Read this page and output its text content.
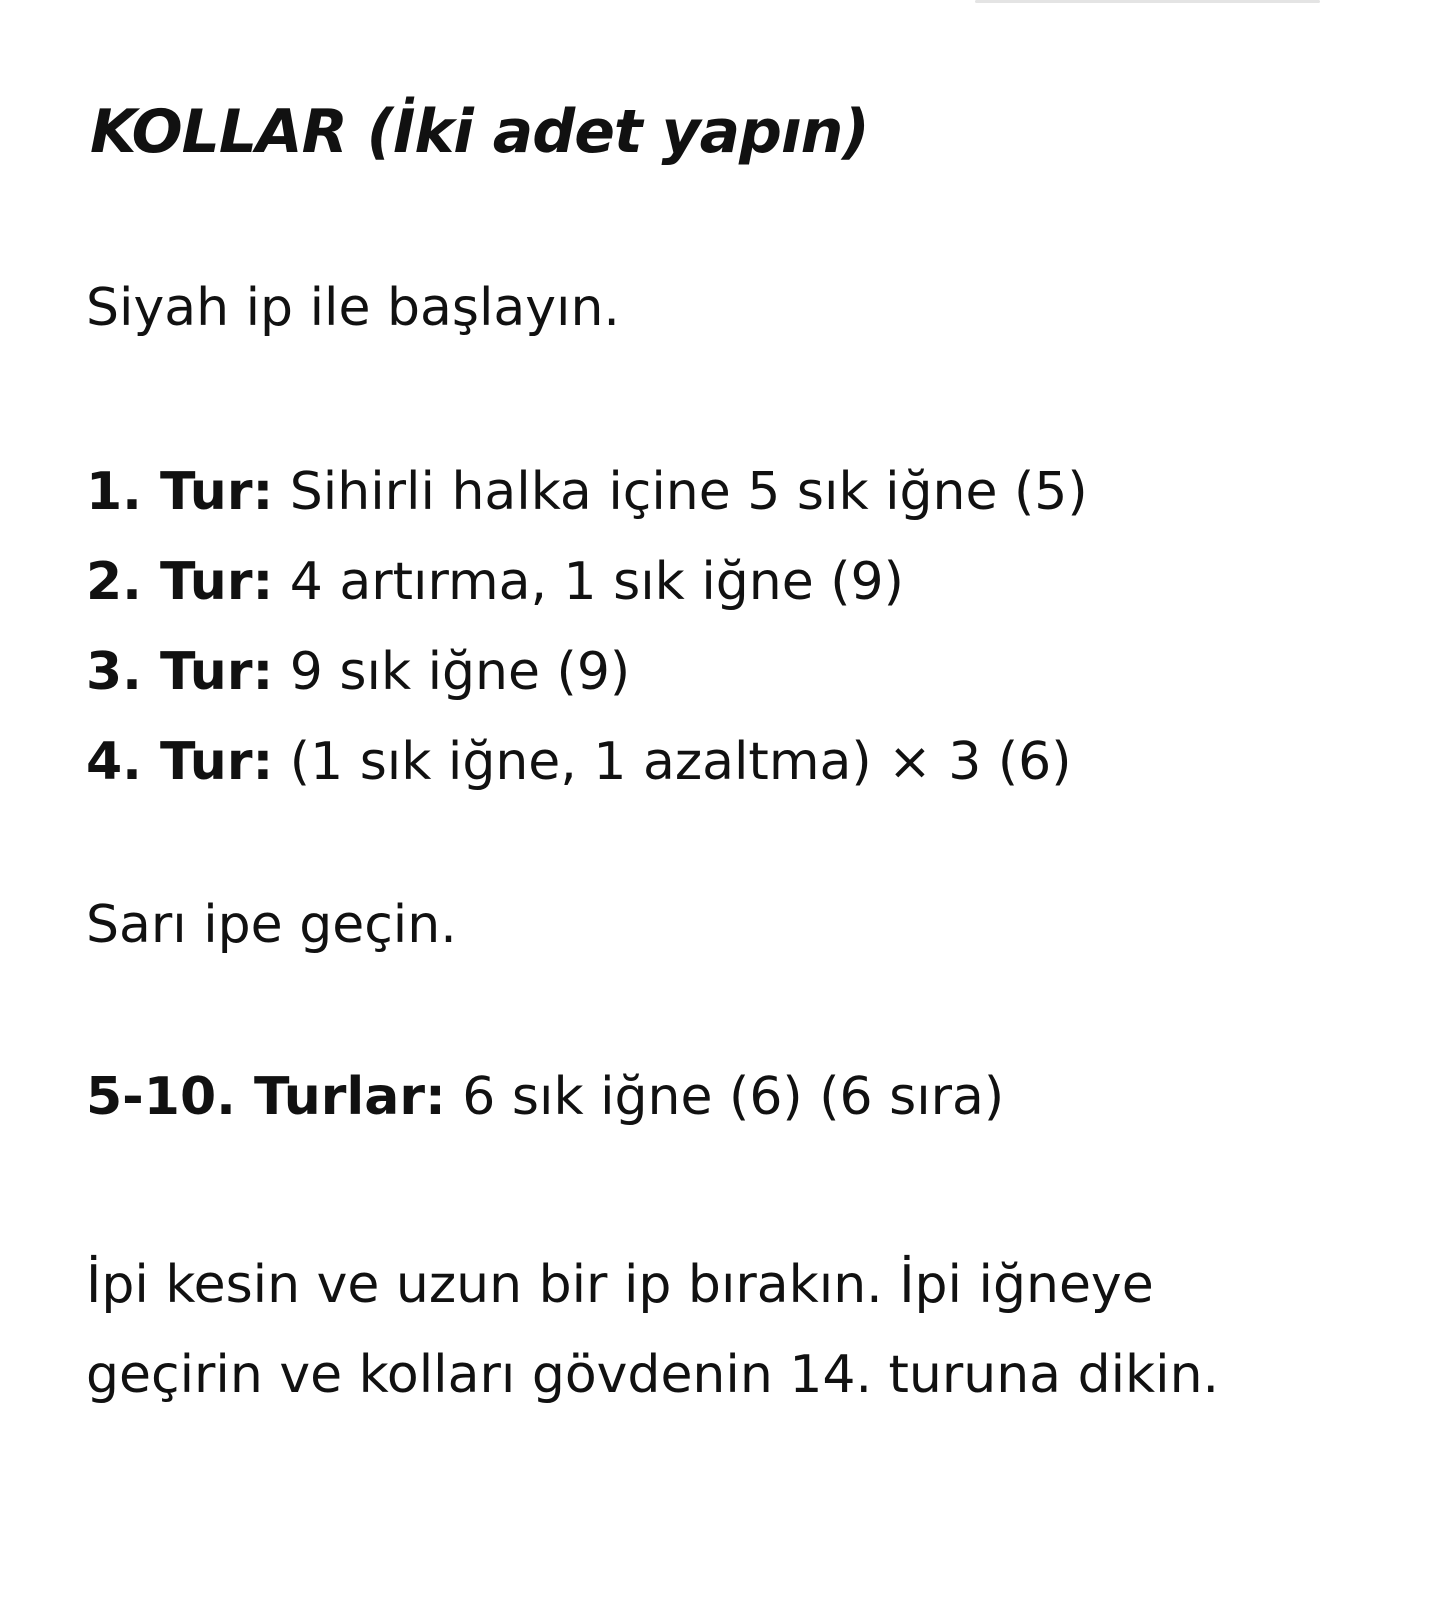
KOLLAR (İki adet yapın)

Siyah ip ile başlayın.

1. Tur: Sihirli halka içine 5 sık iğne (5)
2. Tur: 4 artırma, 1 sık iğne (9)
3. Tur: 9 sık iğne (9)
4. Tur: (1 sık iğne, 1 azaltma) × 3 (6)

Sarı ipe geçin.

5-10. Turlar: 6 sık iğne (6) (6 sıra)

İpi kesin ve uzun bir ip bırakın. İpi iğneye
geçirin ve kolları gövdenin 14. turuna dikin.
